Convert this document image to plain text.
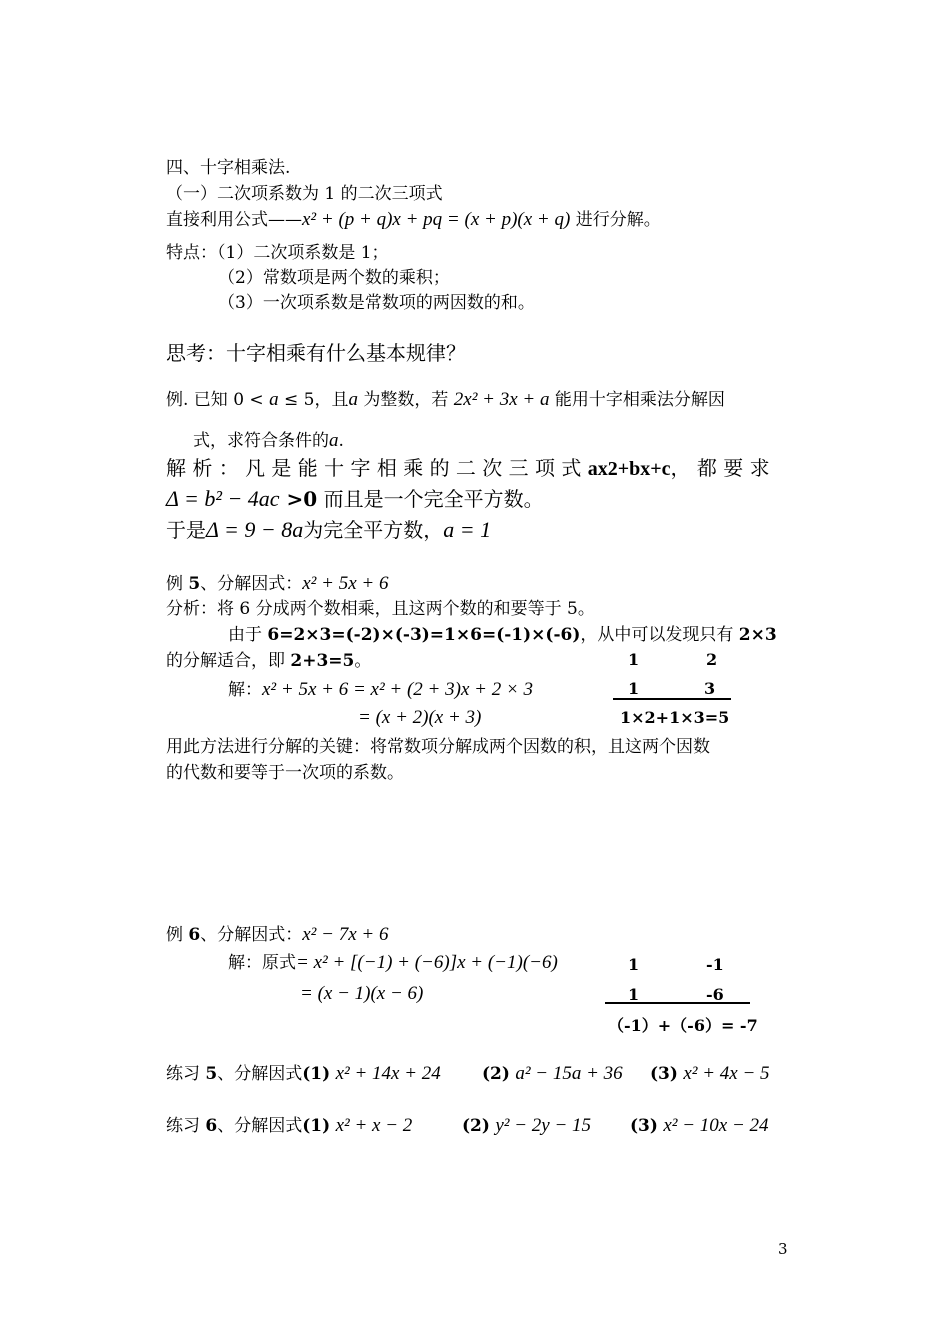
四、十字相乘法.
（一）二次项系数为 1 的二次三项式
直接利用公式——x² + (p + q)x + pq = (x + p)(x + q) 进行分解。
特点：（1）二次项系数是 1；
（2）常数项是两个数的乘积；
（3）一次项系数是常数项的两因数的和。
思考：十字相乘有什么基本规律？
例. 已知 0 < a ≤ 5，且a 为整数，若 2x² + 3x + a 能用十字相乘法分解因
式，求符合条件的a.
解 析 ： 凡 是 能 十 字 相 乘 的 二 次 三 项 式 ax2+bx+c， 都 要 求
Δ = b² − 4ac >0 而且是一个完全平方数。
于是Δ = 9 − 8a为完全平方数，a = 1
例 5、分解因式：x² + 5x + 6
分析：将 6 分成两个数相乘，且这两个数的和要等于 5。
由于 6=2×3=(-2)×(-3)=1×6=(-1)×(-6)，从中可以发现只有 2×3
的分解适合，即 2+3=5。
解：x² + 5x + 6 = x² + (2 + 3)x + 2 × 3
= (x + 2)(x + 3)
1	2
1	3
1×2+1×3=5
用此方法进行分解的关键：将常数项分解成两个因数的积，且这两个因数
的代数和要等于一次项的系数。
例 6、分解因式：x² − 7x + 6
解：原式= x² + [(−1) + (−6)]x + (−1)(−6)
= (x − 1)(x − 6)
1	-1
1	-6
（-1）+（-6）= -7
练习 5、分解因式(1) x² + 14x + 24 (2) a² − 15a + 36 (3) x² + 4x − 5
练习 6、分解因式(1) x² + x − 2	(2) y² − 2y − 15 (3) x² − 10x − 24
3
